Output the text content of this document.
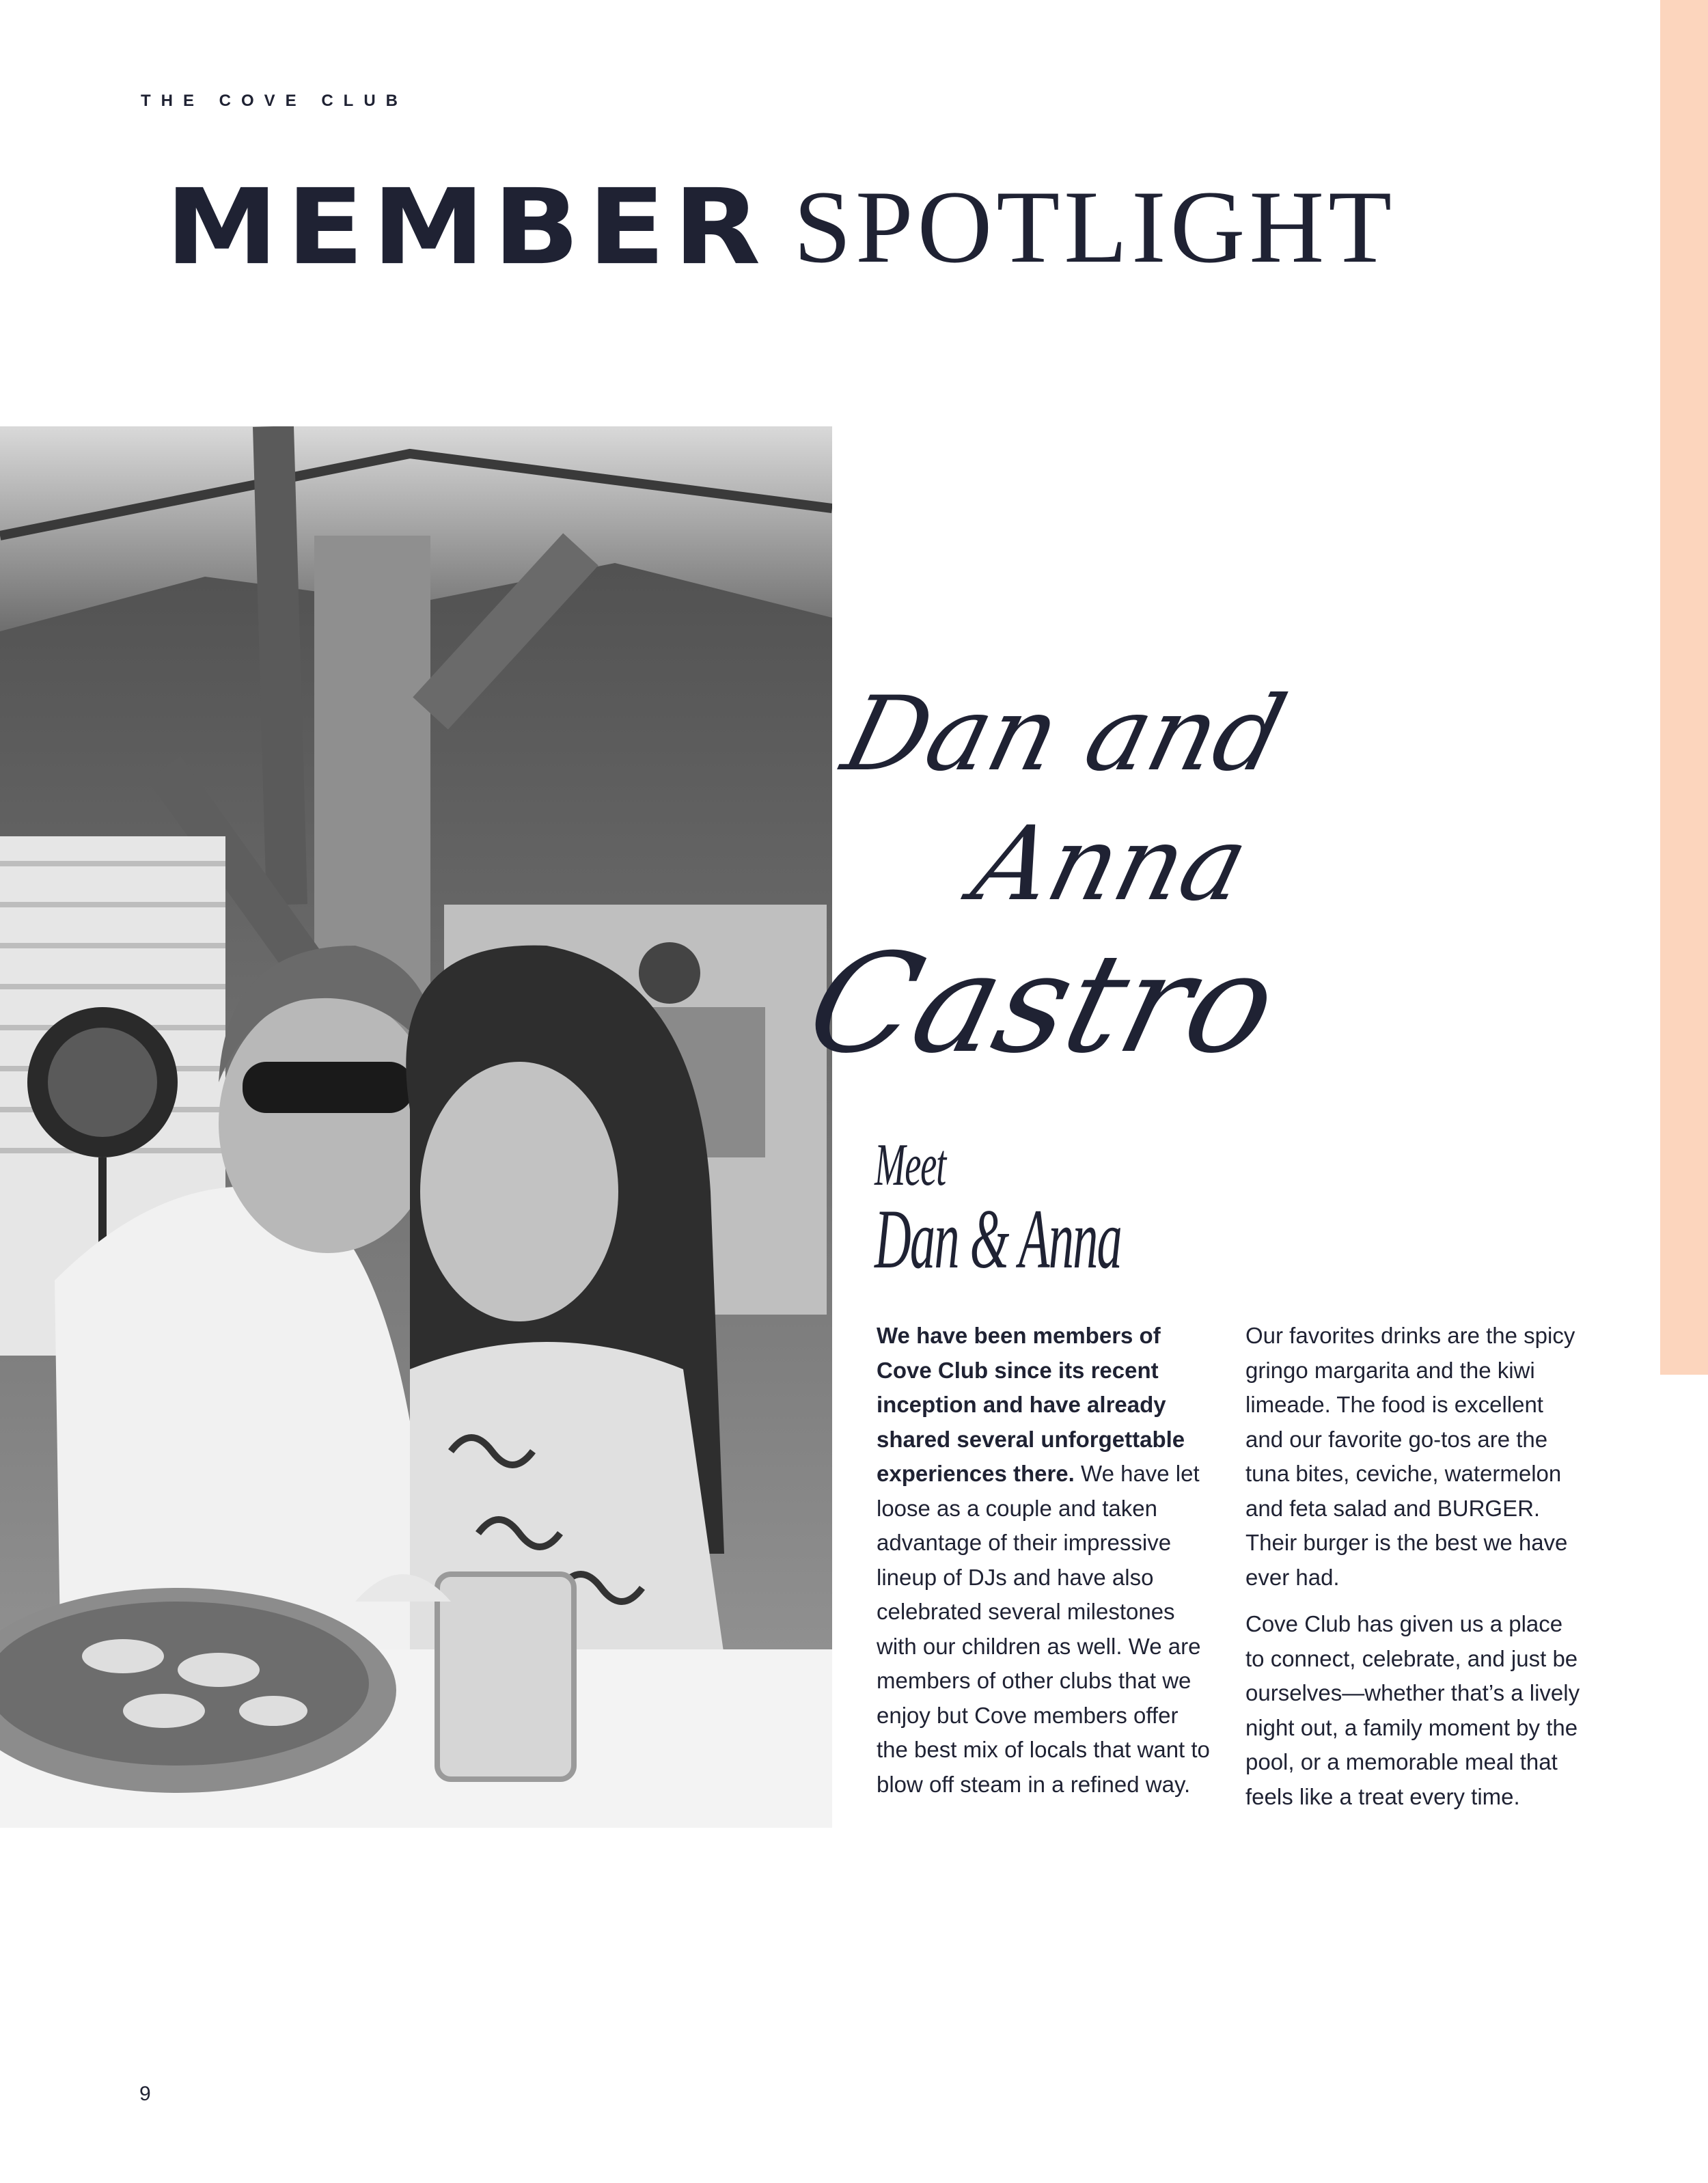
THE COVE CLUB
MEMBER SPOTLIGHT
Dan and
Anna
Castro
Meet
Dan & Anna

We have been members of Cove Club since its recent inception and have already shared several unforgettable experiences there. We have let loose as a couple and taken advantage of their impressive lineup of DJs and have also celebrated several milestones with our children as well. We are members of other clubs that we enjoy but Cove members offer the best mix of locals that want to blow off steam in a refined way.

Our favorites drinks are the spicy gringo margarita and the kiwi limeade. The food is excellent and our favorite go-tos are the tuna bites, ceviche, watermelon and feta salad and BURGER. Their burger is the best we have ever had.

Cove Club has given us a place to connect, celebrate, and just be ourselves—whether that’s a lively night out, a family moment by the pool, or a memorable meal that feels like a treat every time.

9
